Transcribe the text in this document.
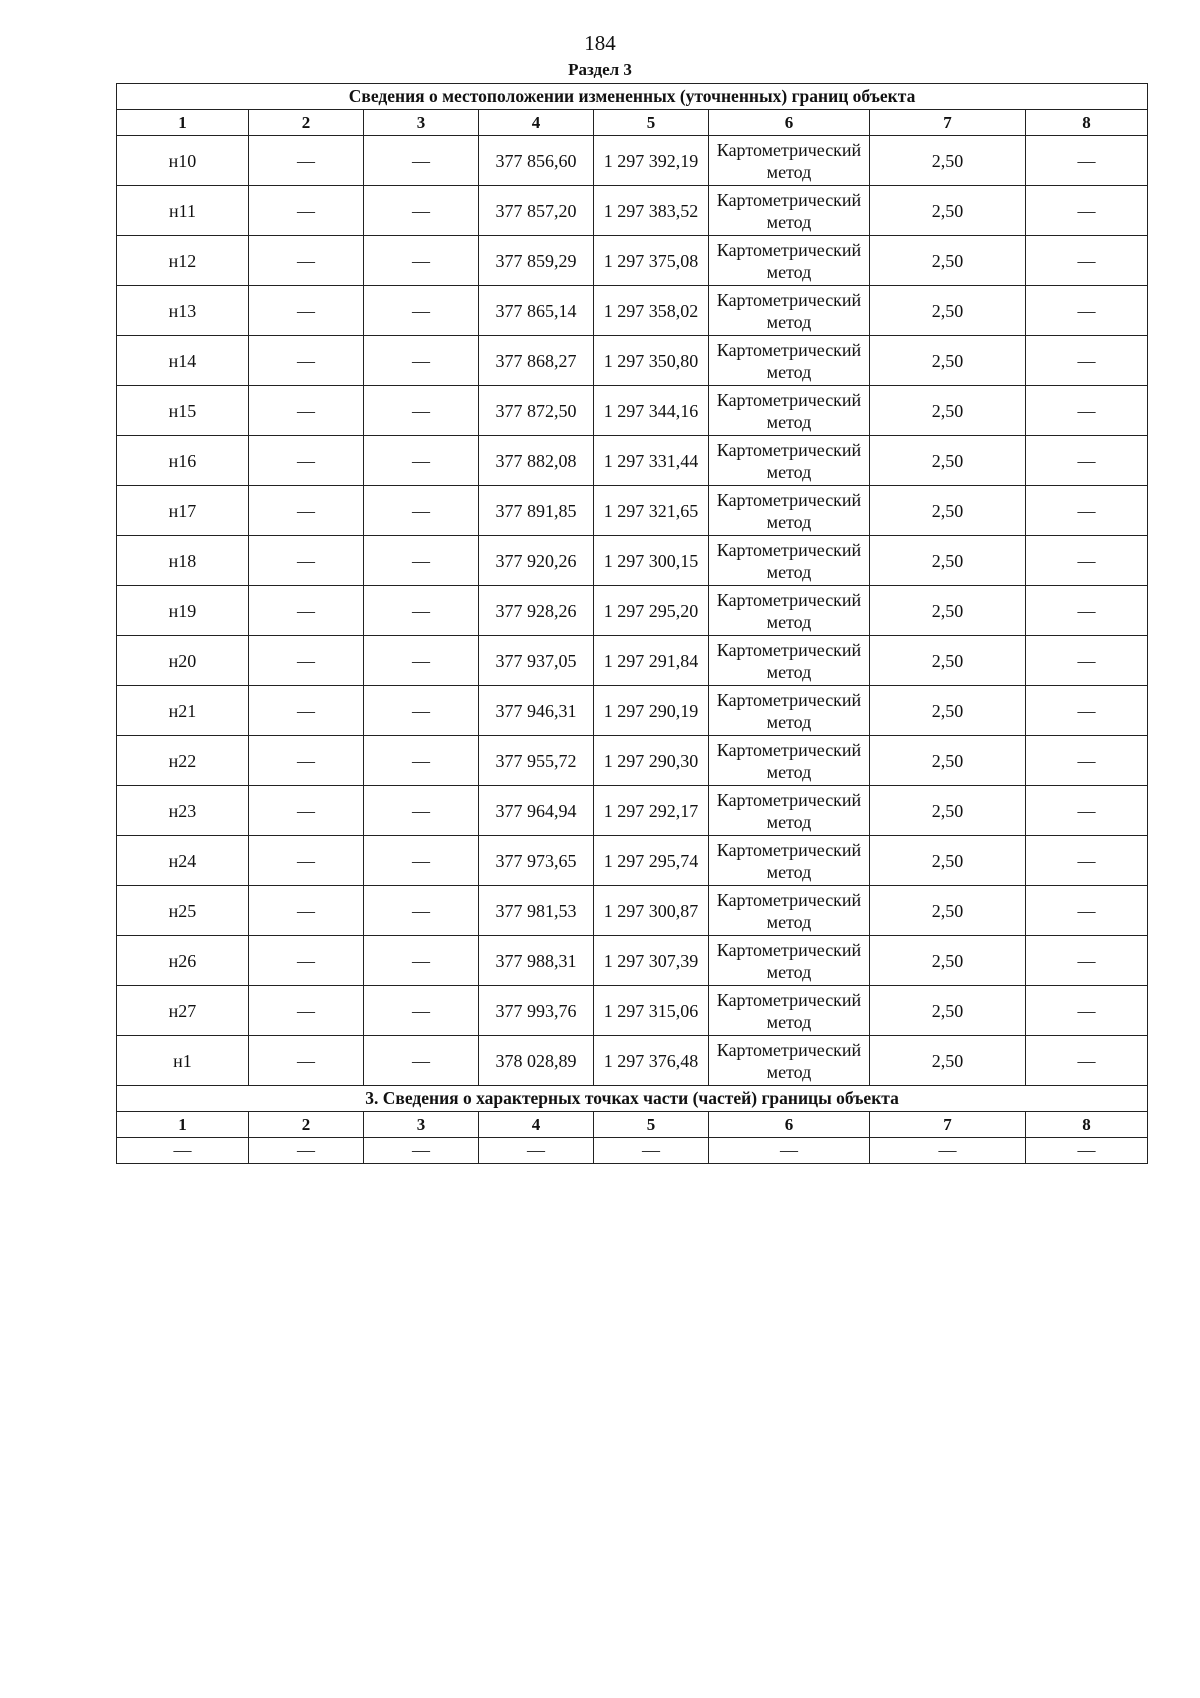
184
Раздел 3
Сведения о местоположении измененных (уточненных) границ объекта							
1	2	3	4	5	6	7	8
н10	—	—	377 856,60	1 297 392,19	Картометрический метод	2,50	—
н11	—	—	377 857,20	1 297 383,52	Картометрический метод	2,50	—
н12	—	—	377 859,29	1 297 375,08	Картометрический метод	2,50	—
н13	—	—	377 865,14	1 297 358,02	Картометрический метод	2,50	—
н14	—	—	377 868,27	1 297 350,80	Картометрический метод	2,50	—
н15	—	—	377 872,50	1 297 344,16	Картометрический метод	2,50	—
н16	—	—	377 882,08	1 297 331,44	Картометрический метод	2,50	—
н17	—	—	377 891,85	1 297 321,65	Картометрический метод	2,50	—
н18	—	—	377 920,26	1 297 300,15	Картометрический метод	2,50	—
н19	—	—	377 928,26	1 297 295,20	Картометрический метод	2,50	—
н20	—	—	377 937,05	1 297 291,84	Картометрический метод	2,50	—
н21	—	—	377 946,31	1 297 290,19	Картометрический метод	2,50	—
н22	—	—	377 955,72	1 297 290,30	Картометрический метод	2,50	—
н23	—	—	377 964,94	1 297 292,17	Картометрический метод	2,50	—
н24	—	—	377 973,65	1 297 295,74	Картометрический метод	2,50	—
н25	—	—	377 981,53	1 297 300,87	Картометрический метод	2,50	—
н26	—	—	377 988,31	1 297 307,39	Картометрический метод	2,50	—
н27	—	—	377 993,76	1 297 315,06	Картометрический метод	2,50	—
н1	—	—	378 028,89	1 297 376,48	Картометрический метод	2,50	—
3. Сведения о характерных точках части (частей) границы объекта							
1	2	3	4	5	6	7	8
—	—	—	—	—	—	—	—
